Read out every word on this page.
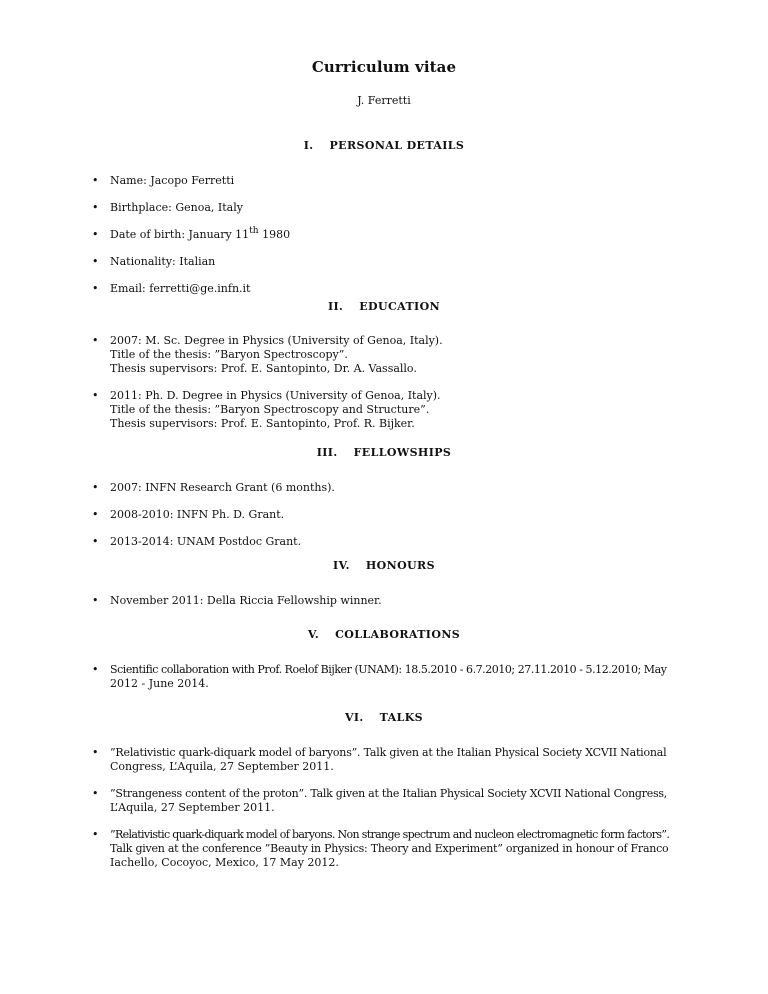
Curriculum vitae
J. Ferretti
I. PERSONAL DETAILS
• Name: Jacopo Ferretti
• Birthplace: Genoa, Italy
• Date of birth: January 11th 1980
• Nationality: Italian
• Email: ferretti@ge.infn.it
II. EDUCATION
• 2007: M. Sc. Degree in Physics (University of Genoa, Italy).
Title of the thesis: ”Baryon Spectroscopy”.
Thesis supervisors: Prof. E. Santopinto, Dr. A. Vassallo.
• 2011: Ph. D. Degree in Physics (University of Genoa, Italy).
Title of the thesis: ”Baryon Spectroscopy and Structure”.
Thesis supervisors: Prof. E. Santopinto, Prof. R. Bijker.
III. FELLOWSHIPS
• 2007: INFN Research Grant (6 months).
• 2008-2010: INFN Ph. D. Grant.
• 2013-2014: UNAM Postdoc Grant.
IV. HONOURS
• November 2011: Della Riccia Fellowship winner.
V. COLLABORATIONS
• Scientific collaboration with Prof. Roelof Bijker (UNAM): 18.5.2010 - 6.7.2010; 27.11.2010 - 5.12.2010; May
2012 - June 2014.
VI. TALKS
• ”Relativistic quark-diquark model of baryons”. Talk given at the Italian Physical Society XCVII National
Congress, L’Aquila, 27 September 2011.
• ”Strangeness content of the proton”. Talk given at the Italian Physical Society XCVII National Congress,
L’Aquila, 27 September 2011.
• ”Relativistic quark-diquark model of baryons. Non strange spectrum and nucleon electromagnetic form factors”.
Talk given at the conference ”Beauty in Physics: Theory and Experiment” organized in honour of Franco
Iachello, Cocoyoc, Mexico, 17 May 2012.
